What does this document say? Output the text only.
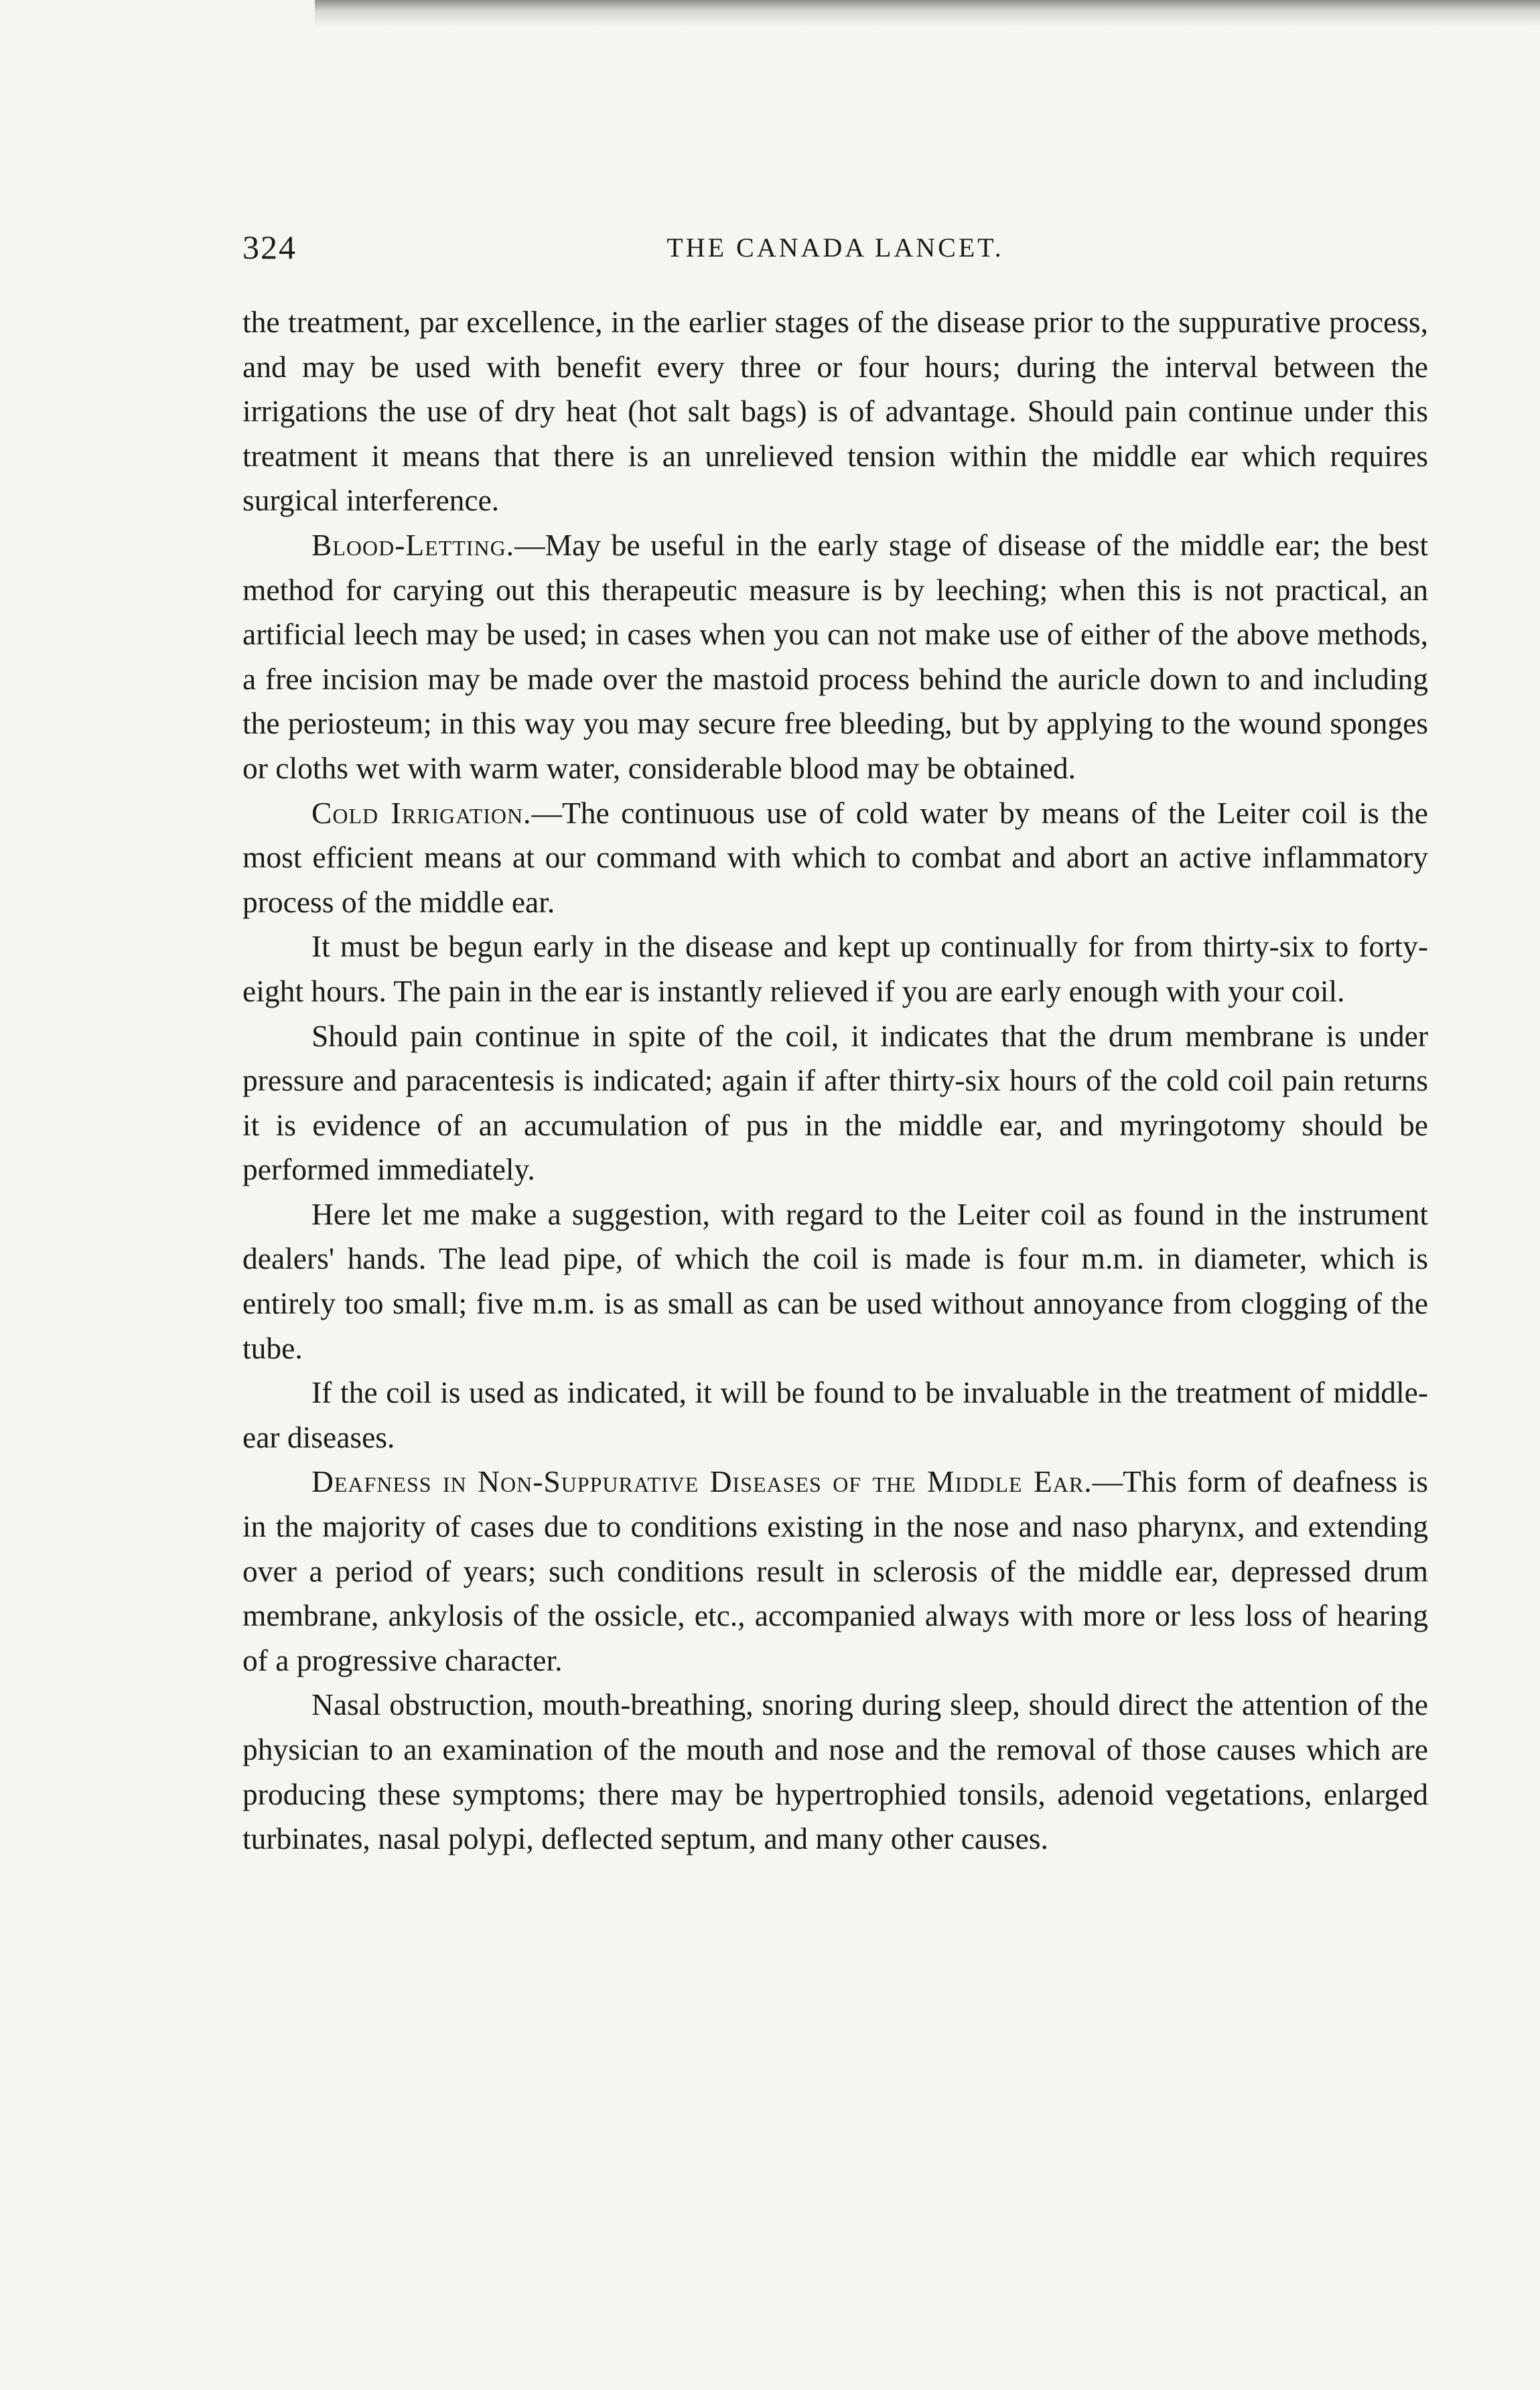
324	THE CANADA LANCET.

the treatment, par excellence, in the earlier stages of the disease prior to the suppurative process, and may be used with benefit every three or four hours; during the interval between the irrigations the use of dry heat (hot salt bags) is of advantage. Should pain continue under this treatment it means that there is an unrelieved tension within the middle ear which requires surgical interference.

Blood-Letting.—May be useful in the early stage of disease of the middle ear; the best method for carying out this therapeutic measure is by leeching; when this is not practical, an artificial leech may be used; in cases when you can not make use of either of the above methods, a free incision may be made over the mastoid process behind the auricle down to and including the periosteum; in this way you may secure free bleeding, but by applying to the wound sponges or cloths wet with warm water, considerable blood may be obtained.

Cold Irrigation.—The continuous use of cold water by means of the Leiter coil is the most efficient means at our command with which to combat and abort an active inflammatory process of the middle ear.

It must be begun early in the disease and kept up continually for from thirty-six to forty-eight hours. The pain in the ear is instantly relieved if you are early enough with your coil.

Should pain continue in spite of the coil, it indicates that the drum membrane is under pressure and paracentesis is indicated; again if after thirty-six hours of the cold coil pain returns it is evidence of an accumulation of pus in the middle ear, and myringotomy should be performed immediately.

Here let me make a suggestion, with regard to the Leiter coil as found in the instrument dealers' hands. The lead pipe, of which the coil is made is four m.m. in diameter, which is entirely too small; five m.m. is as small as can be used without annoyance from clogging of the tube.

If the coil is used as indicated, it will be found to be invaluable in the treatment of middle-ear diseases.

Deafness in Non-Suppurative Diseases of the Middle Ear.—This form of deafness is in the majority of cases due to conditions existing in the nose and naso pharynx, and extending over a period of years; such conditions result in sclerosis of the middle ear, depressed drum membrane, ankylosis of the ossicle, etc., accompanied always with more or less loss of hearing of a progressive character.

Nasal obstruction, mouth-breathing, snoring during sleep, should direct the attention of the physician to an examination of the mouth and nose and the removal of those causes which are producing these symptoms; there may be hypertrophied tonsils, adenoid vegetations, enlarged turbinates, nasal polypi, deflected septum, and many other causes.
